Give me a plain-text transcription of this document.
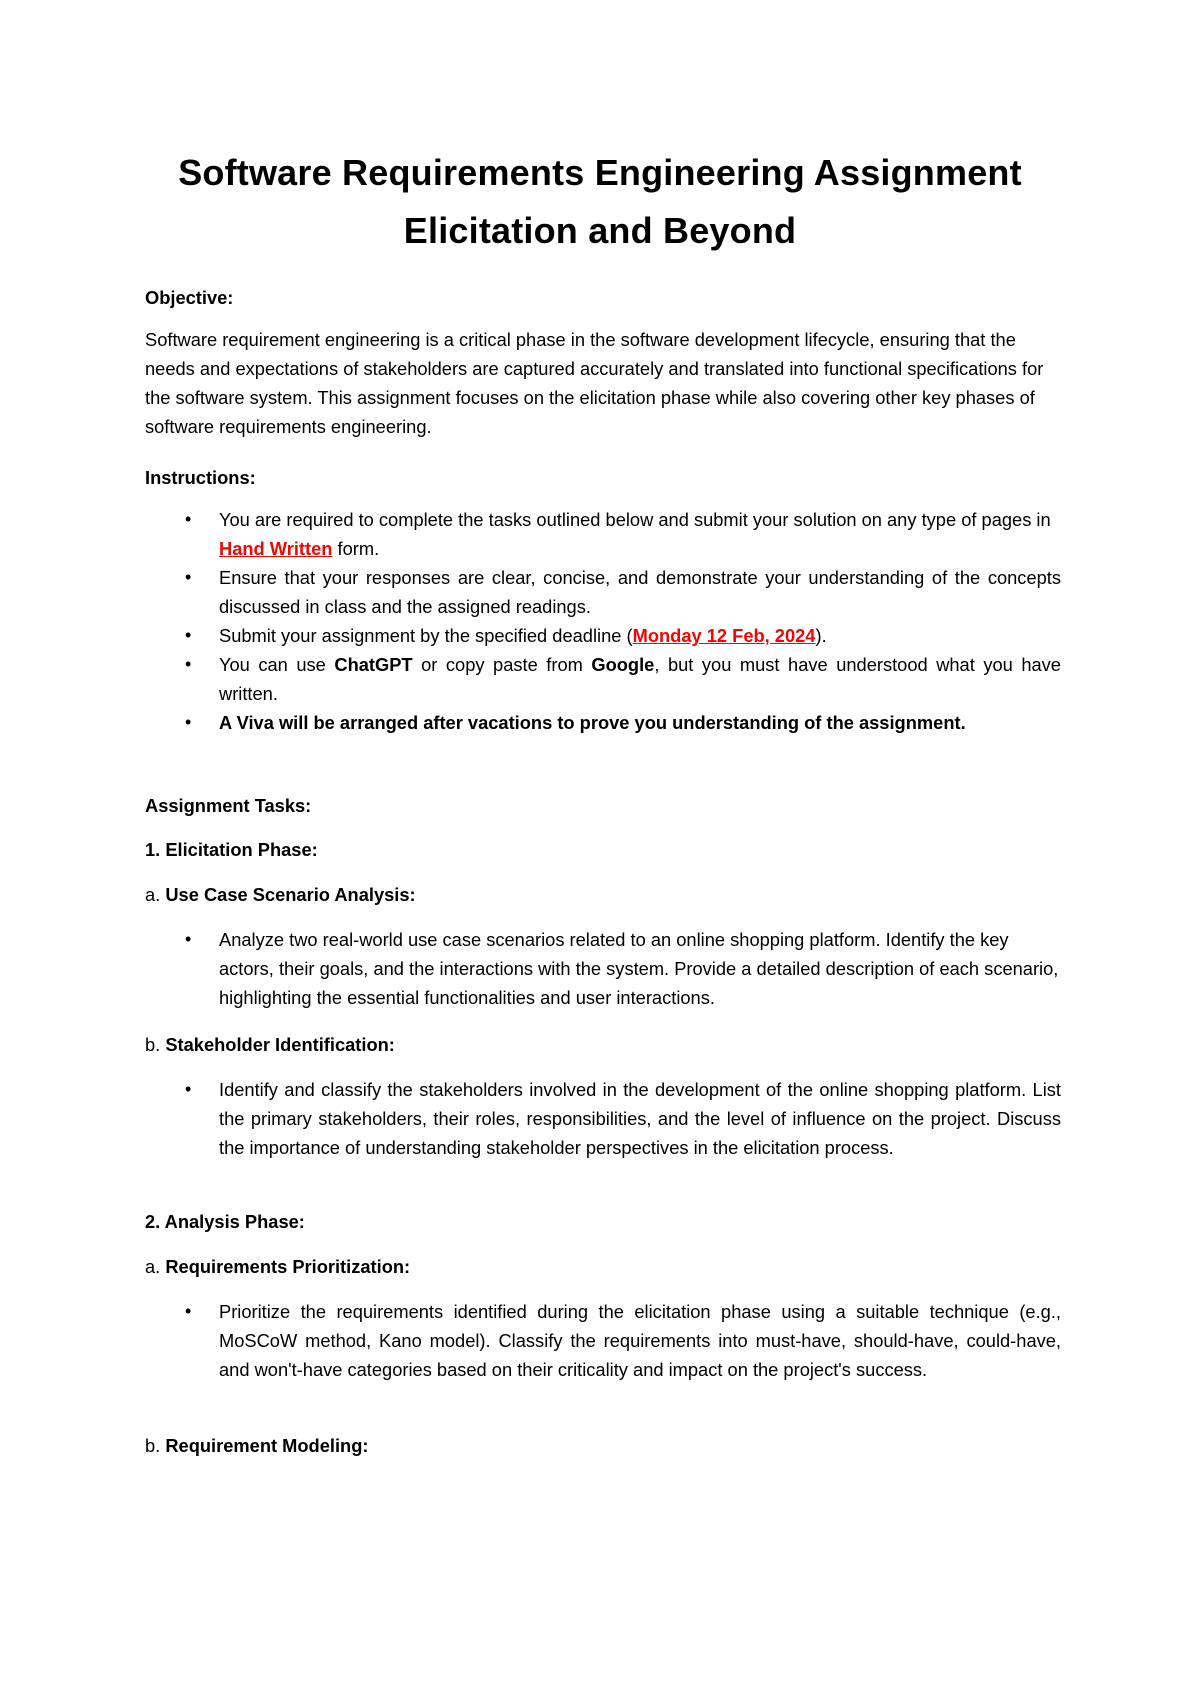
Software Requirements Engineering Assignment
Elicitation and Beyond
Objective:
Software requirement engineering is a critical phase in the software development lifecycle, ensuring that the needs and expectations of stakeholders are captured accurately and translated into functional specifications for the software system. This assignment focuses on the elicitation phase while also covering other key phases of software requirements engineering.
Instructions:
• You are required to complete the tasks outlined below and submit your solution on any type of pages in Hand Written form.
• Ensure that your responses are clear, concise, and demonstrate your understanding of the concepts discussed in class and the assigned readings.
• Submit your assignment by the specified deadline (Monday 12 Feb, 2024).
• You can use ChatGPT or copy paste from Google, but you must have understood what you have written.
• A Viva will be arranged after vacations to prove you understanding of the assignment.
Assignment Tasks:
1. Elicitation Phase:
a. Use Case Scenario Analysis:
• Analyze two real-world use case scenarios related to an online shopping platform. Identify the key actors, their goals, and the interactions with the system. Provide a detailed description of each scenario, highlighting the essential functionalities and user interactions.
b. Stakeholder Identification:
• Identify and classify the stakeholders involved in the development of the online shopping platform. List the primary stakeholders, their roles, responsibilities, and the level of influence on the project. Discuss the importance of understanding stakeholder perspectives in the elicitation process.
2. Analysis Phase:
a. Requirements Prioritization:
• Prioritize the requirements identified during the elicitation phase using a suitable technique (e.g., MoSCoW method, Kano model). Classify the requirements into must-have, should-have, could-have, and won't-have categories based on their criticality and impact on the project's success.
b. Requirement Modeling:
